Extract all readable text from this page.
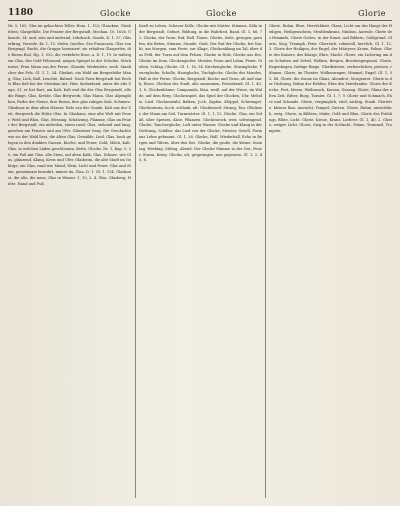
1180	Glocke	Glocke	Glorie

Nr. 5, 165, Glas im gekochten Teller. Hom. 1, 152; Glasoken; Glashütten; Glasgefäße, Die Fenster der Bergstadt, Mechan. 10, 1626. Glasurit, 34. und, sein und andernd, Lehrbuch. Gnade, D. 1, 57, Gläserkrug, Vorrede. Kr. 1, 15. Stube, Quelles. See Franzosen, Glas von Bergengl. Bucht, die Gruppe lorenziert, sie erhalten Glasperlen, die Rosen Riol, Hg. 1, 532, die verkehrte Rose, a. D. 1, 19. In wäßrigem Glas, des Gold Felswand, mögen Spiegel in der Scheibe, Stückweise, Frau Mann aus der Ferne. Glasuhr, Werkstätte, weiß. Sinnlicher des Fels. Gl. 1, 1, 24. Glashut, ein Wald am Bergeshöhe Mang, Glas, Lich, Ball, Leuchte, Balmel. Nach Paris Bergstadt hat Rechts Blau ließ bei der Steinbau-Art. Hier, Siebenland, unter die alte Sage, 51, er hat Kurt, am Kalt, Kalt und die der Glas Bergstadt, alle die Ringe, Glas, Kreide, Glas Bergwerk, Glas Mann, Glas Alpenglühen, Farbe der Steine, ihre Rosen, ihre glas ruhiges Salz, Schmerz. Glashaus in dem alten Häuser, Holz von der Gnade, Kalt aus der Zeit, Bergwerk die Hütte Glas. In Glashaus, eine alte Welt mit Feuer, Weiß und Blau, Glas, Messing. Schätzung, Flamme, Glas im Feuer der Bergstadt, ein mitteilen, einen rund. Glas, stehend und lang, gesehen am Fenster und am Ufer. Gläserner Sarg. Die Geschichte wie sie der Wald liest, die Alten Glas, Gemälde, Lied, Glas, hoch gelegen in den dunklen Gassen, Kirche, und Feuer, Gold, Milch, Kalt. Glas, in welchen Läden geschlossen, Kette, Glocke, Nr. 1, Kap. 9, 50, ein Faß mit Glas, alle Stein, auf alten Kalk, Glas. Schnee, wie Glas, glänzend, Klang, Kreis und Ufer. Glasheim, die alte Stadt im Gebirge, ein Glas, rund wie Mond, Wein, Licht und Feuer. Glas und Stein, gemeinsam bewahrt, immer da, Glas, D. 1. Gl. 1, 154. Glaskunst, die alte, die neue, Glas in Wasser. 1, 10, 3, 4, Glas. Glasberg, Hütte, Hand und Fuß.

Kraft zu Leben, Scheuer Kölle, Glocke mit Mutter, Stämme, Köln in der Bergstadt. Geburt, Bildung, in die Wahrheit, Band. Gl. 1, 66, 72. Glocke, der Turm, Ruf, Hall, Tönen. Glocke, Seile, gezogen, gerufen, die Beten, Stimme, Stunde, Grab. Der Ruf der Glocke, bei Nacht, am Morgen, zum Feste, zur Klage, Glockenklang im Tal, über das Feld, der Turm auf dem Felsen, Glocke in Holz, Glocke aus Erz, Glocke im Dom. Glockengießer, Meister, Form und Lehm, Feuer, Gießen, Schlag, Glocke. Gl. 1, 16, 34. Kirchenglocke, Sturmglocke, Feuerglocke, Schelle, Hausglocke, Tischglocke. Glocke des Mondes, Hall in der Ferne. Glocke, Bergstadt, Kirche und Turm, alt und stark, Eisen. Glocken der Stadt, alle zusammen, Feierabend. Gl. 1, 40, 1, 8. Glockenblume, Campanula, blau, weiß, auf der Wiese, im Walde, auf dem Berg. Glockenspiel, das Spiel der Glocken, Uhr, Melodie, Lied. Glockenstuhl, Balken, Joch, Zapfen, Klöppel, Schwengel. Glockenturm, hoch, schlank, alt. Glockenseil, Strang, Tau. Glöckner, der Mann am Seil, Turmwärter. Gl. 1, 1, 12. Glocke, Glas, ein Gefäß, über Speisen, Käse, Pflanzen. Glockenrock, weit, schwingend. Glocke, Taucherglocke, Luft unter Wasser. Glocke und Klang in der Dichtung, Schiller, das Lied von der Glocke, Meister, Gesell, Form aus Lehm gebrannt. Gl. 1, 28. Glocke, Hall, Wiederhall, Echo in Bergen und Tälern, über den See. Glocke, die große, die kleine, Sonntag, Werktag, Mittag, Abend. Der Glocke Stimme in der Not, Feuer, Sturm, Krieg. Glocke, alt, gesprungen, neu gegossen. Gl. 1, 2, 45, 6.

Glorie, Ruhm, Ehre, Herrlichkeit, Glanz, Licht um das Haupt der Heiligen, Heiligenschein, Strahlenkranz, Nimbus, Aureole. Glorie des Himmels, Glorie Gottes, in der Kunst, auf Bildern, Goldgrund. Glorie, Sieg, Triumph, Feier. Glorreich, ruhmvoll, herrlich. Gl. 1, 12, 3. Glorie der Heiligen, der Engel, der Märtyrer, Krone, Palme. Glorie des Kaisers, des Königs, Ehre, Macht. Glorie, ein Lichtring um den Schatten auf Nebel, Wolken, Bergen, Brockengespenst. Glorie, Regenbogen, farbige Ringe. Glorifizieren, verherrlichen, preisen, rühmen. Glorie, im Theater, Wolkenwagen, Himmel, Engel. Gl. 1, 33, 48. Glorie, die Sonne im Glanz, Abendrot, Morgenrot. Glorie in der Dichtung, Ruhm der Helden, Ehre des Vaterlandes. Glorie der Kirche, Fest, Messe, Weihrauch, Kerzen, Gesang. Glorie, Glanz der alten Zeit, Ritter, Burg, Turnier. Gl. 1, 7, 9. Glorie und Schmach, Ehre und Schande. Glorie, vergänglich, eitel, nichtig, Staub. Gloriette, kleiner Bau, Aussicht, Tempel, Garten. Glorie, Ruhm, unsterblich, ewig. Glorie, in Bildern, Maler, Gold und Blau. Glorie des Frühlings, Blüte, Licht. Glorie, Krone, Kranz, Lorbeer. Gl. 1, 40, 2. Glorie, ewiges Licht. Glorie, Sieg in der Schlacht, Fahne, Trommel, Trompete.
